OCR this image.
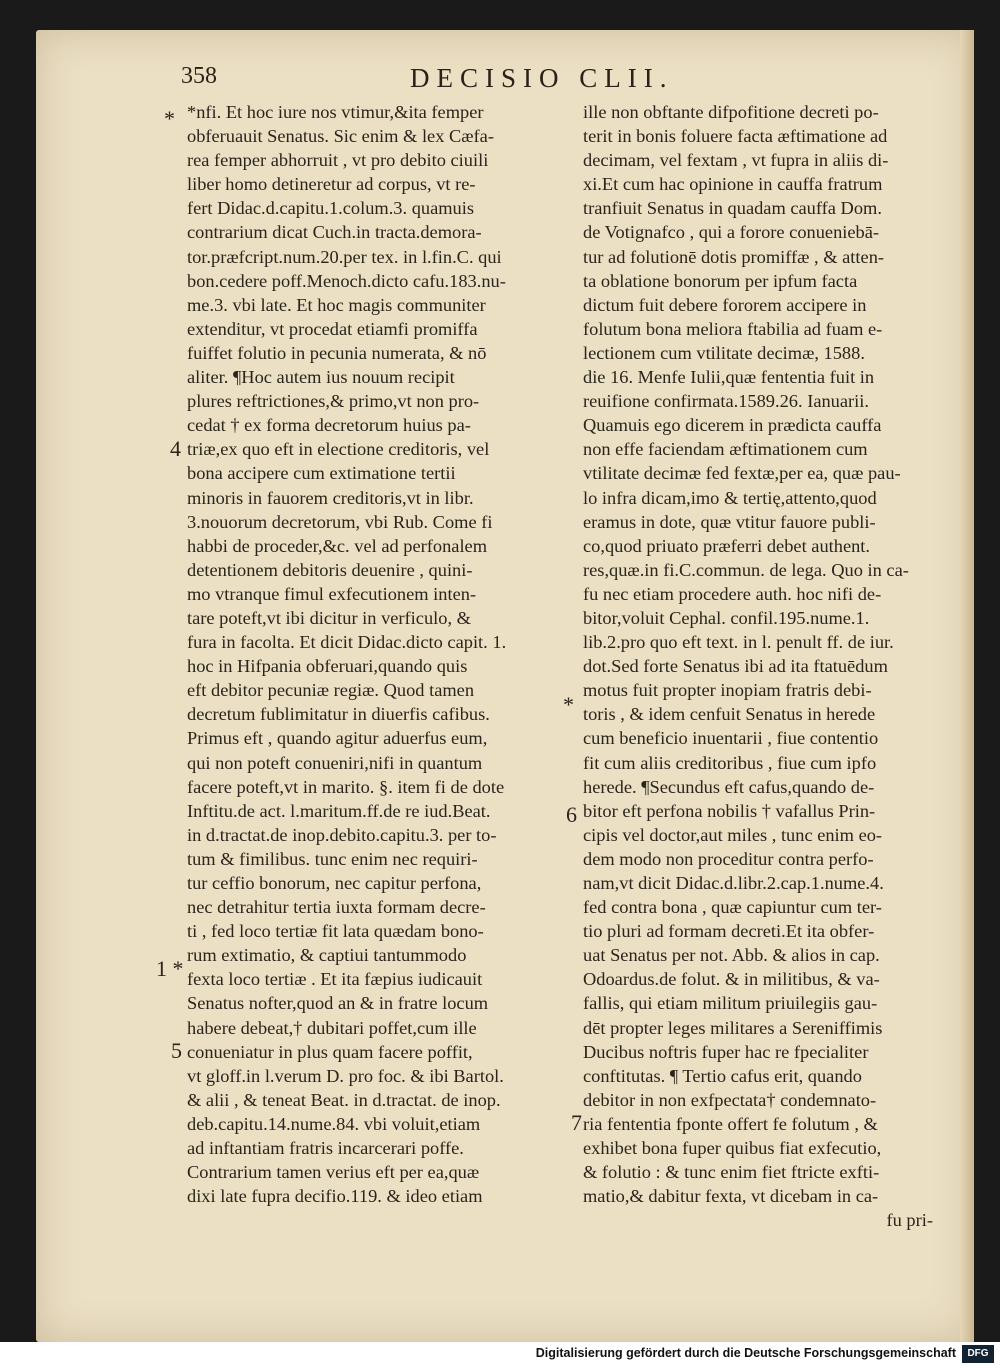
358	DECISIO CLII.
*nfi. Et hoc iure nos vtimur,&ita femper
obferuauit Senatus. Sic enim & lex Cæfa-
rea femper abhorruit , vt pro debito ciuili
liber homo detineretur ad corpus, vt re-
fert Didac.d.capitu.1.colum.3. quamuis
contrarium dicat Cuch.in tracta.demora-
tor.præfcript.num.20.per tex. in l.fin.C. qui
bon.cedere poff.Menoch.dicto cafu.183.nu-
me.3. vbi late. Et hoc magis communiter
extenditur, vt procedat etiamfi promiffa
fuiffet folutio in pecunia numerata, & nō
aliter. ¶Hoc autem ius nouum recipit
plures reftrictiones,& primo,vt non pro-
cedat † ex forma decretorum huius pa-
triæ,ex quo eft in electione creditoris, vel
bona accipere cum extimatione tertii
minoris in fauorem creditoris,vt in libr.
3.nouorum decretorum, vbi Rub. Come fi
habbi de proceder,&c. vel ad perfonalem
detentionem debitoris deuenire , quini-
mo vtranque fimul exfecutionem inten-
tare poteft,vt ibi dicitur in verficulo, &
fura in facolta. Et dicit Didac.dicto capit. 1.
hoc in Hifpania obferuari,quando quis
eft debitor pecuniæ regiæ. Quod tamen
decretum fublimitatur in diuerfis cafibus.
Primus eft , quando agitur aduerfus eum,
qui non poteft conueniri,nifi in quantum
facere poteft,vt in marito. §. item fi de dote
Inftitu.de act. l.maritum.ff.de re iud.Beat.
in d.tractat.de inop.debito.capitu.3. per to-
tum & fimilibus. tunc enim nec requiri-
tur ceffio bonorum, nec capitur perfona,
nec detrahitur tertia iuxta formam decre-
ti , fed loco tertiæ fit lata quædam bono-
rum extimatio, & captiui tantummodo
fexta loco tertiæ . Et ita fæpius iudicauit
Senatus nofter,quod an & in fratre locum
habere debeat,† dubitari poffet,cum ille
conueniatur in plus quam facere poffit,
vt gloff.in l.verum D. pro foc. & ibi Bartol.
& alii , & teneat Beat. in d.tractat. de inop.
deb.capitu.14.nume.84. vbi voluit,etiam
ad inftantiam fratris incarcerari poffe.
Contrarium tamen verius eft per ea,quæ
dixi late fupra decifio.119. & ideo etiam
ille non obftante difpofitione decreti po-
terit in bonis foluere facta æftimatione ad
decimam, vel fextam , vt fupra in aliis di-
xi.Et cum hac opinione in cauffa fratrum
tranfiuit Senatus in quadam cauffa Dom.
de Votignafco , qui a forore conueniebā-
tur ad folutionē dotis promiffæ , & atten-
ta oblatione bonorum per ipfum facta
dictum fuit debere fororem accipere in
folutum bona meliora ftabilia ad fuam e-
lectionem cum vtilitate decimæ, 1588.
die 16. Menfe Iulii,quæ fententia fuit in
reuifione confirmata.1589.26. Ianuarii.
Quamuis ego dicerem in prædicta cauffa
non effe faciendam æftimationem cum
vtilitate decimæ fed fextæ,per ea, quæ pau-
lo infra dicam,imo & tertię,attento,quod
eramus in dote, quæ vtitur fauore publi-
co,quod priuato præferri debet authent.
res,quæ.in fi.C.commun. de lega. Quo in ca-
fu nec etiam procedere auth. hoc nifi de-
bitor,voluit Cephal. confil.195.nume.1.
lib.2.pro quo eft text. in l. penult ff. de iur.
dot.Sed forte Senatus ibi ad ita ftatuēdum
motus fuit propter inopiam fratris debi-
toris , & idem cenfuit Senatus in herede
cum beneficio inuentarii , fiue contentio
fit cum aliis creditoribus , fiue cum ipfo
herede. ¶Secundus eft cafus,quando de-
bitor eft perfona nobilis † vafallus Prin-
cipis vel doctor,aut miles , tunc enim eo-
dem modo non proceditur contra perfo-
nam,vt dicit Didac.d.libr.2.cap.1.nume.4.
fed contra bona , quæ capiuntur cum ter-
tio pluri ad formam decreti.Et ita obfer-
uat Senatus per not. Abb. & alios in cap.
Odoardus.de folut. & in militibus, & va-
fallis, qui etiam militum priuilegiis gau-
dēt propter leges militares a Sereniffimis
Ducibus noftris fuper hac re fpecialiter
conftitutas. ¶ Tertio cafus erit, quando
debitor in non exfpectata† condemnato-
ria fententia fponte offert fe folutum , &
exhibet bona fuper quibus fiat exfecutio,
& folutio : & tunc enim fiet ftricte exfti-
matio,& dabitur fexta, vt dicebam in ca-
fu pri-
*
4
*
6
1 *
5
7
Digitalisierung gefördert durch die Deutsche Forschungsgemeinschaft	DFG
